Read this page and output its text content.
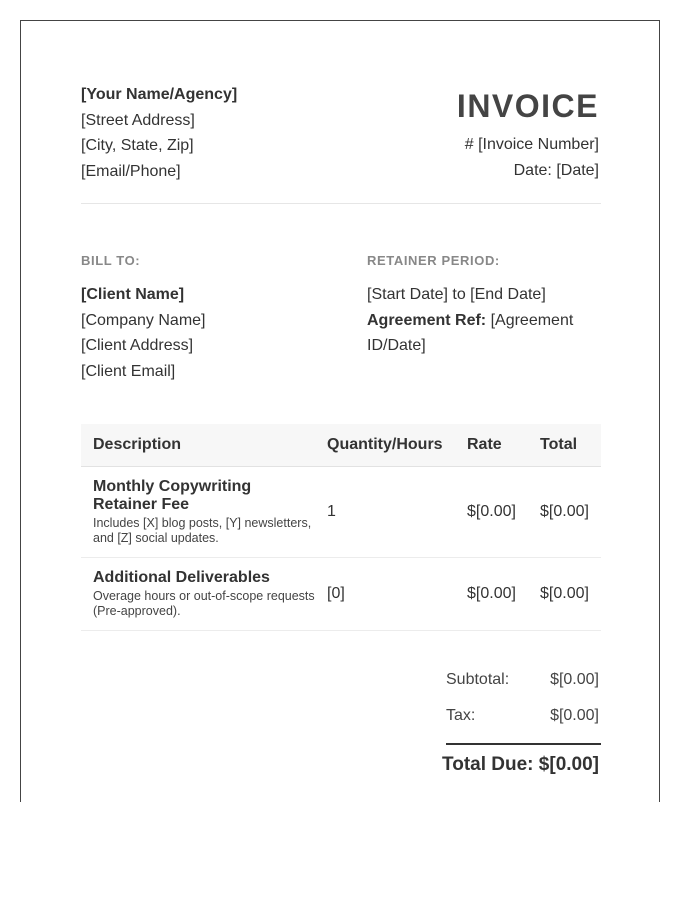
[Your Name/Agency]
[Street Address]
[City, State, Zip]
[Email/Phone]
INVOICE
# [Invoice Number]
Date: [Date]
BILL TO:	RETAINER PERIOD:
[Client Name]
[Company Name]
[Client Address]
[Client Email]
[Start Date] to [End Date]
Agreement Ref: [Agreement ID/Date]
Description	Quantity/Hours	Rate	Total

Monthly Copywriting Retainer Fee
Includes [X] blog posts, [Y] newsletters, and [Z] social updates.	1	$[0.00]	$[0.00]

Additional Deliverables
Overage hours or out-of-scope requests (Pre-approved).	[0]	$[0.00]	$[0.00]
Subtotal:	$[0.00]
Tax:	$[0.00]
Total Due: $[0.00]
